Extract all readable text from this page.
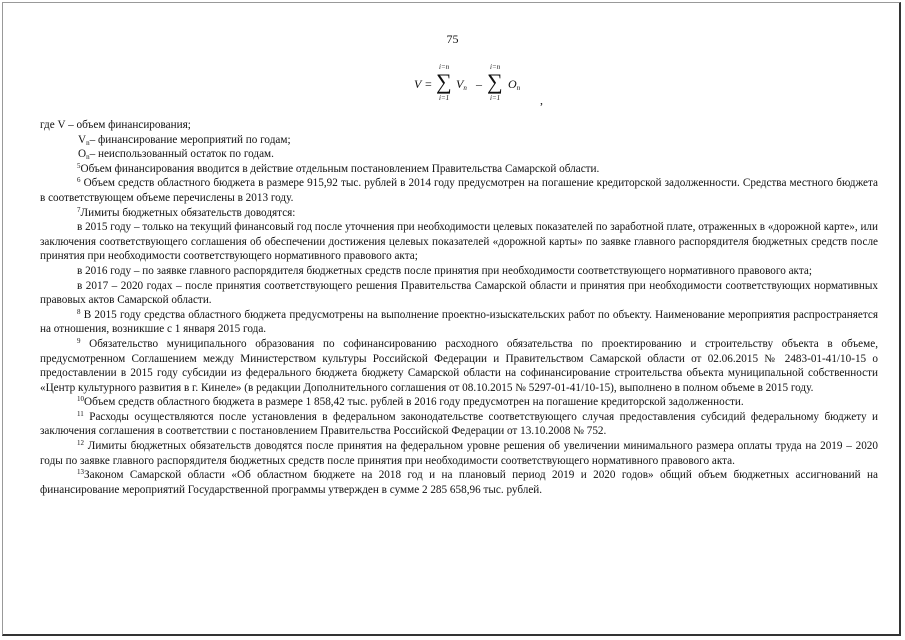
75
V =
i=n
∑
i=1
$V_n$ –
i=n
∑
i=1
$O_n$
,

где V – объем финансирования;

$V_n-$ финансирование мероприятий по годам;

$O_n-$ неиспользованный остаток по годам.

$^5$Объем финансирования вводится в действие отдельным постановлением Правительства Самарской области.

$^6$ Объем средств областного бюджета в размере 915,92 тыс. рублей в 2014 году предусмотрен на погашение кредиторской задолженности. Средства местного бюджета в соответствующем объеме перечислены в 2013 году.

$^7$Лимиты бюджетных обязательств доводятся:

в 2015 году – только на текущий финансовый год после уточнения при необходимости целевых показателей по заработной плате, отраженных в «дорожной карте», или заключения соответствующего соглашения об обеспечении достижения целевых показателей «дорожной карты» по заявке главного распорядителя бюджетных средств после принятия при необходимости соответствующего нормативного правового акта;

в 2016 году – по заявке главного распорядителя бюджетных средств после принятия при необходимости соответствующего нормативного правового акта;

в 2017 – 2020 годах – после принятия соответствующего решения Правительства Самарской области и принятия при необходимости соответствующих нормативных правовых актов Самарской области.

$^8$ В 2015 году средства областного бюджета предусмотрены на выполнение проектно-изыскательских работ по объекту. Наименование мероприятия распространяется на отношения, возникшие с 1 января 2015 года.

$^9$ Обязательство муниципального образования по софинансированию расходного обязательства по проектированию и строительству объекта в объеме, предусмотренном Соглашением между Министерством культуры Российской Федерации и Правительством Самарской области от 02.06.2015 № 2483-01-41/10-15 о предоставлении в 2015 году субсидии из федерального бюджета бюджету Самарской области на софинансирование строительства объекта муниципальной собственности «Центр культурного развития в г. Кинеле» (в редакции Дополнительного соглашения от 08.10.2015 № 5297-01-41/10-15), выполнено в полном объеме в 2015 году.

$^{10}$Объем средств областного бюджета в размере 1 858,42 тыс. рублей в 2016 году предусмотрен на погашение кредиторской задолженности.

$^{11}$ Расходы осуществляются после установления в федеральном законодательстве соответствующего случая предоставления субсидий федеральному бюджету и заключения соглашения в соответствии с постановлением Правительства Российской Федерации от 13.10.2008 № 752.

$^{12}$ Лимиты бюджетных обязательств доводятся после принятия на федеральном уровне решения об увеличении минимального размера оплаты труда на 2019 – 2020 годы по заявке главного распорядителя бюджетных средств после принятия при необходимости соответствующего нормативного правового акта.

$^{13}$Законом Самарской области «Об областном бюджете на 2018 год и на плановый период 2019 и 2020 годов» общий объем бюджетных ассигнований на финансирование мероприятий Государственной программы утвержден в сумме 2 285 658,96 тыс. рублей.
